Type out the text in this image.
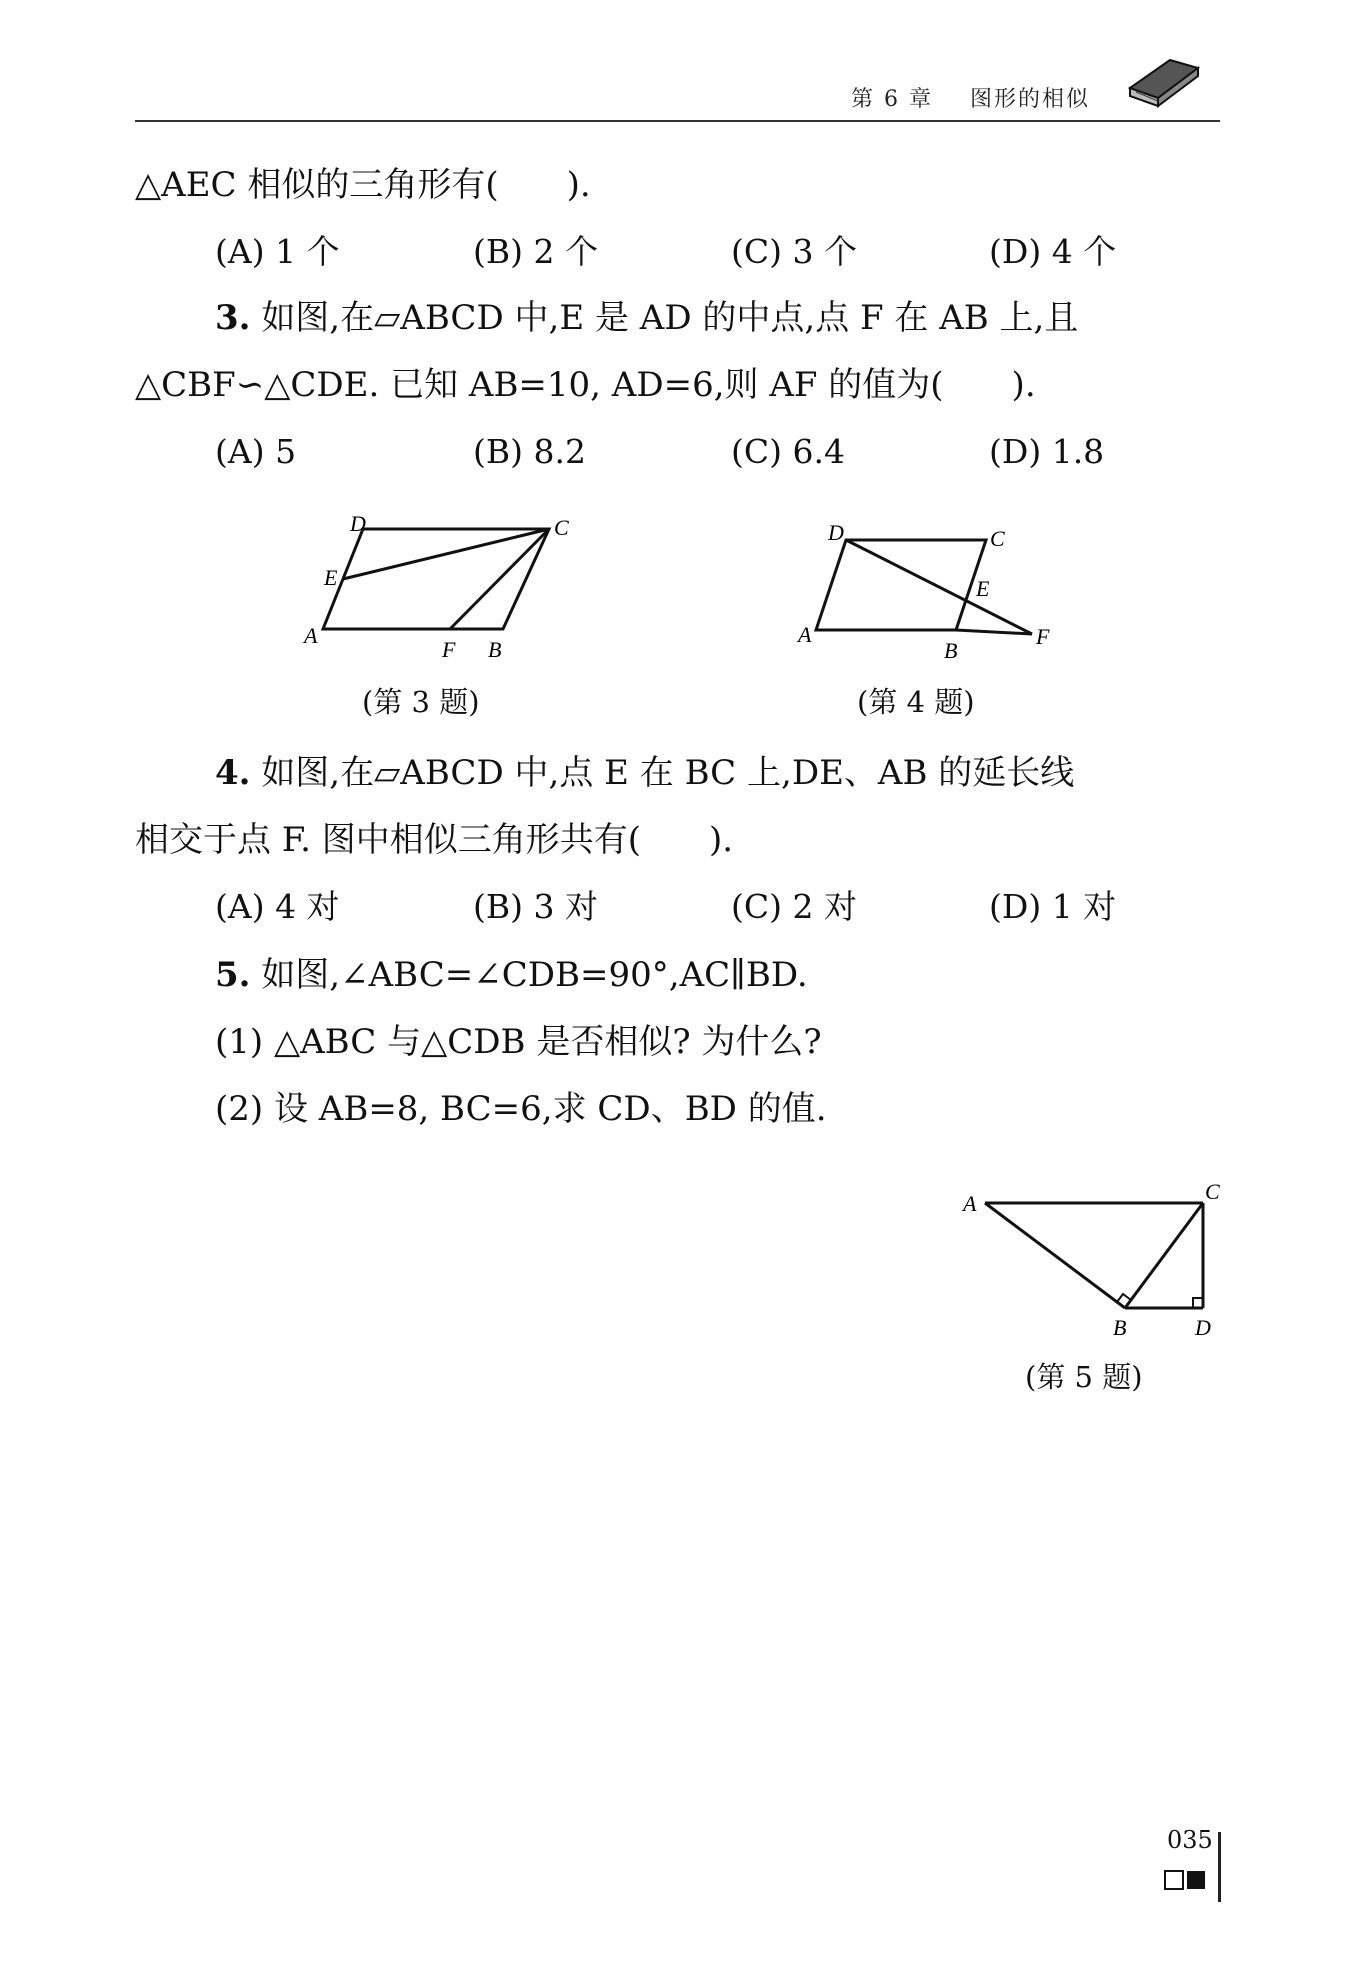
第 6 章 图形的相似
△AEC 相似的三角形有(　　).
(A) 1 个	(B) 2 个	(C) 3 个	(D) 4 个
3. 如图,在▱ABCD 中,E 是 AD 的中点,点 F 在 AB 上,且
△CBF∽△CDE. 已知 AB=10, AD=6,则 AF 的值为(　　).
(A) 5	(B) 8.2	(C) 6.4	(D) 1.8
D	C
E
A
F B
(第 3 题)
D	C
E
A
B
F
(第 4 题)
4. 如图,在▱ABCD 中,点 E 在 BC 上,DE、AB 的延长线
相交于点 F. 图中相似三角形共有(　　).
(A) 4 对	(B) 3 对	(C) 2 对	(D) 1 对
5. 如图,∠ABC=∠CDB=90°,AC∥BD.
(1) △ABC 与△CDB 是否相似? 为什么?
(2) 设 AB=8, BC=6,求 CD、BD 的值.
A	C
B	D
(第 5 题)
035
